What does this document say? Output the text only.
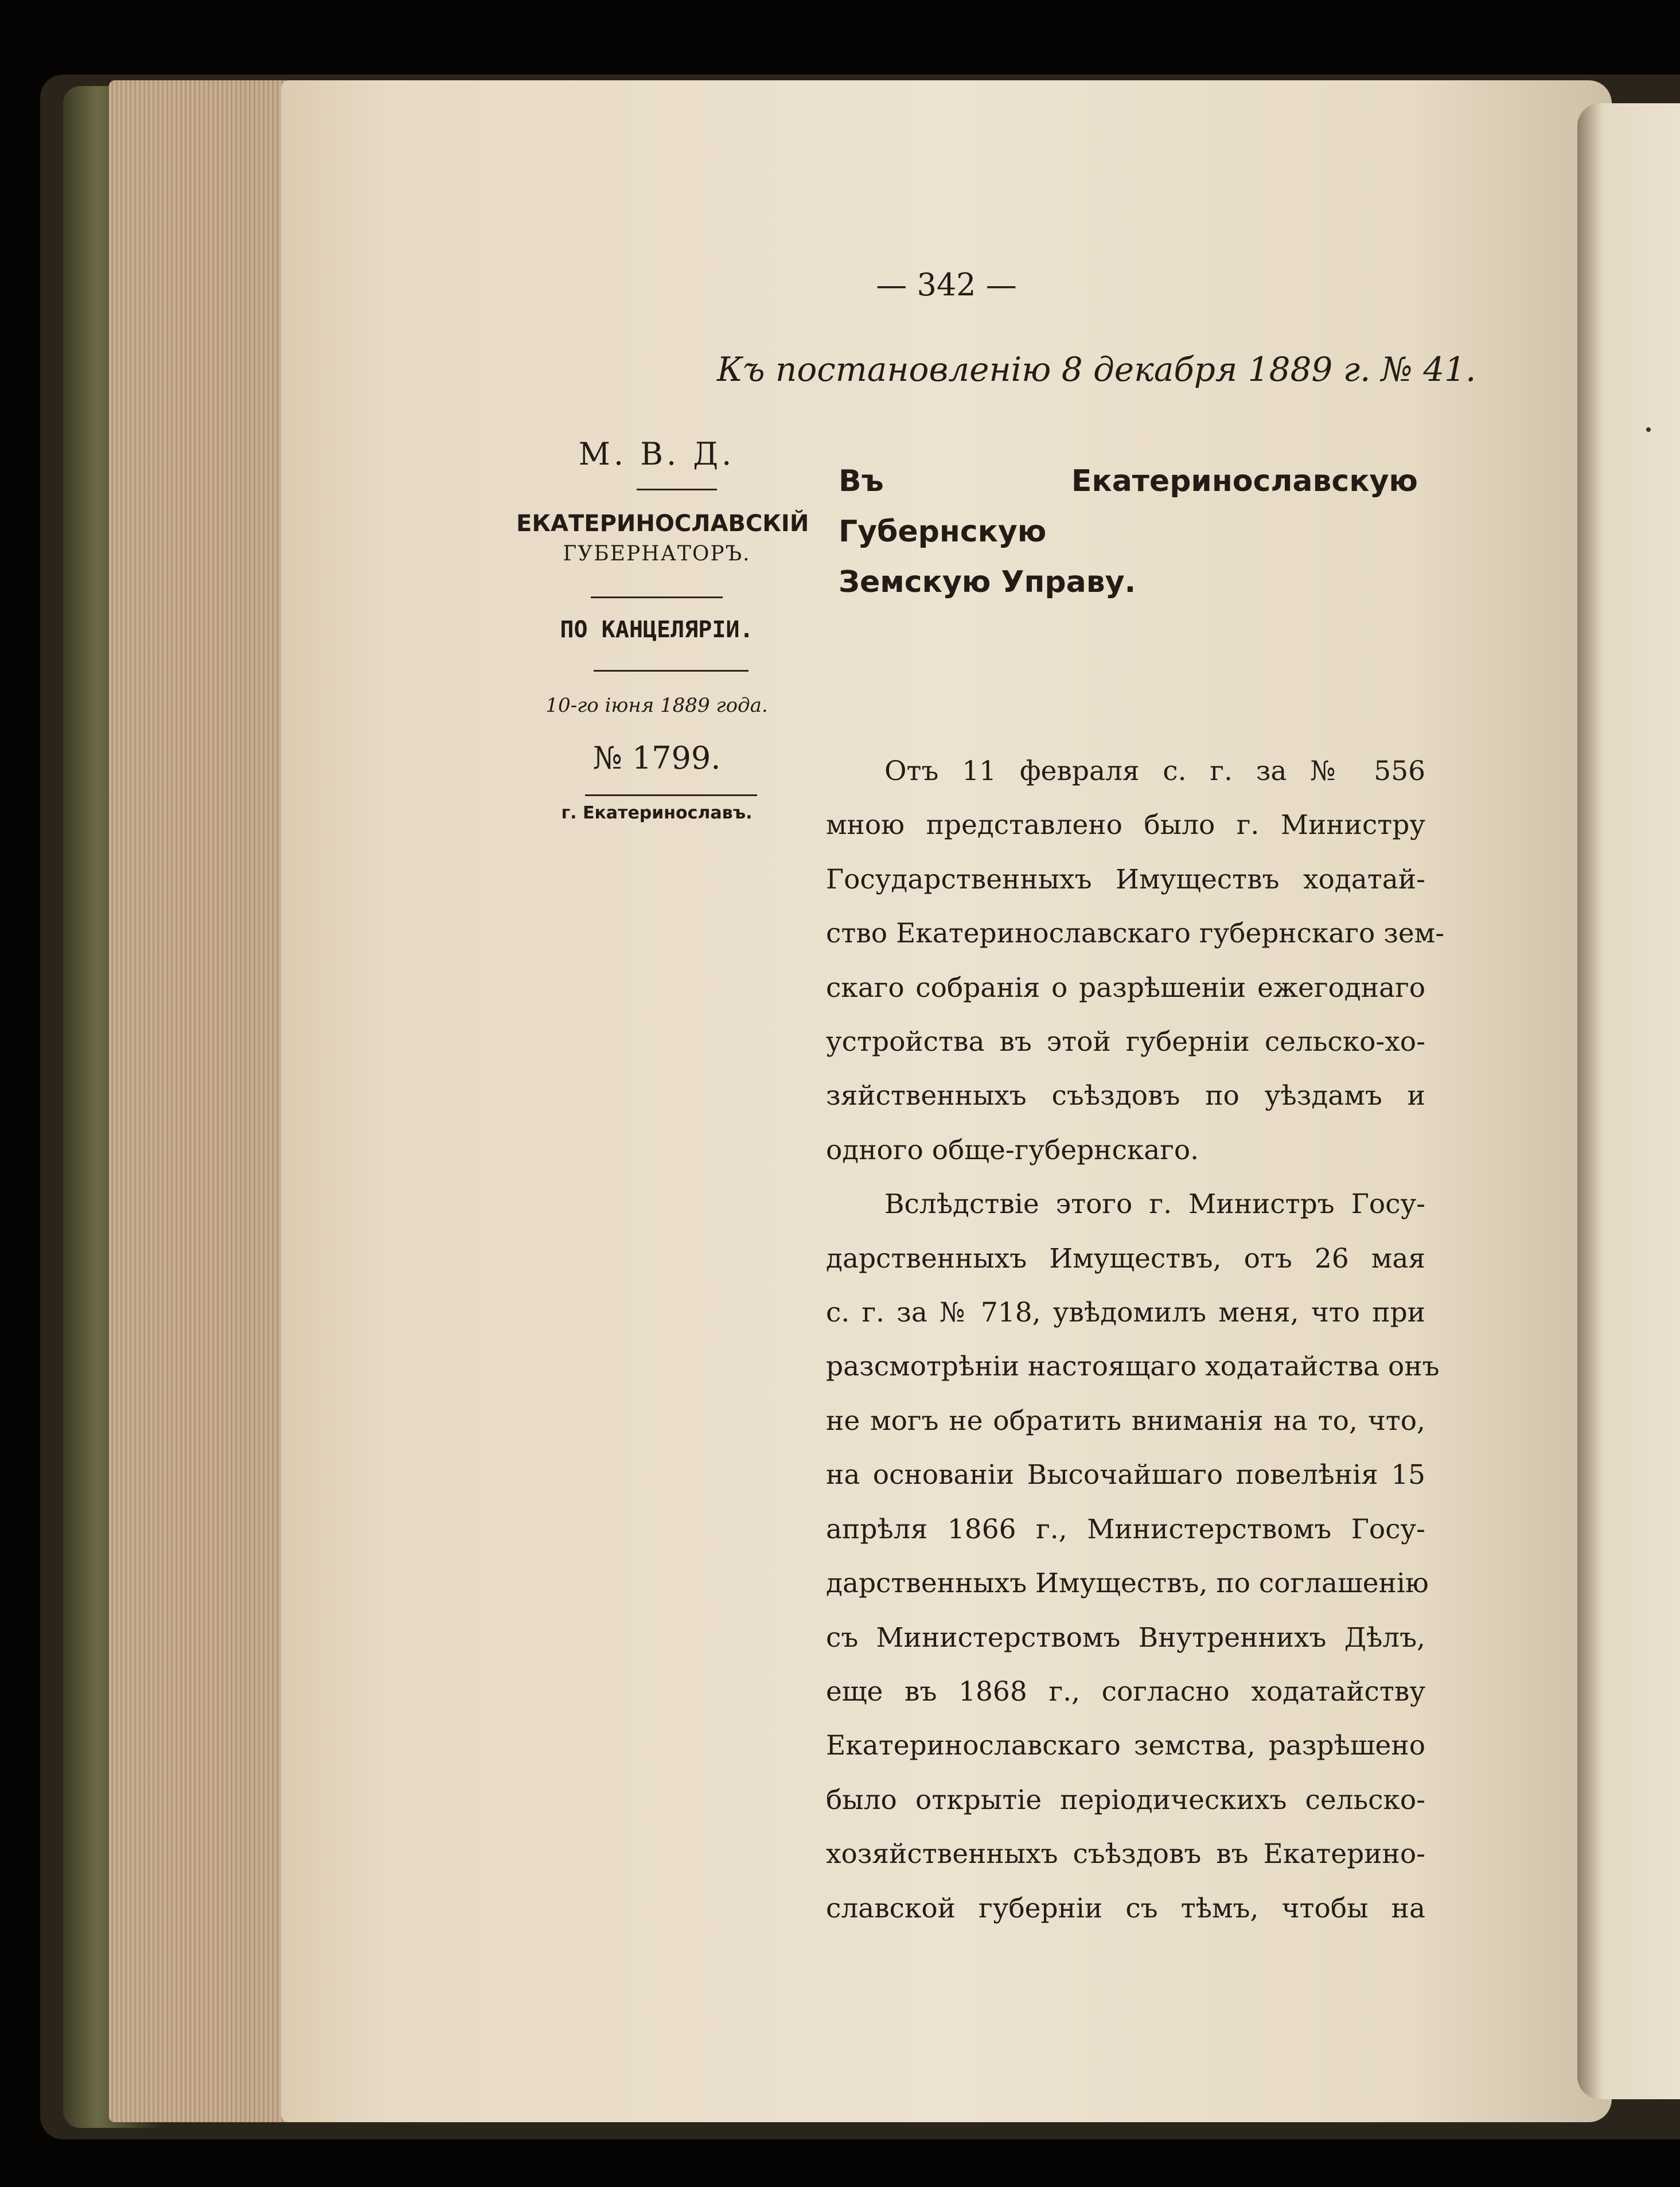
— 342 —
Къ постановленію 8 декабря 1889 г. № 41.
М. В. Д.
ЕКАТЕРИНОСЛАВСКІЙ
ГУБЕРНАТОРЪ.
ПО КАНЦЕЛЯРІИ.
10-го іюня 1889 года.
№ 1799.
г. Екатеринославъ.
Въ Екатеринославскую Губернскую
Земскую Управу.
Отъ 11 февраля с. г. за № 556
мною представлено было г. Министру
Государственныхъ Имуществъ ходатай-
ство Екатеринославскаго губернскаго зем-
скаго собранія о разрѣшеніи ежегоднаго
устройства въ этой губерніи сельско-хо-
зяйственныхъ съѣздовъ по уѣздамъ и
одного обще-губернскаго.
Вслѣдствіе этого г. Министръ Госу-
дарственныхъ Имуществъ, отъ 26 мая
с. г. за № 718, увѣдомилъ меня, что при
разсмотрѣніи настоящаго ходатайства онъ
не могъ не обратить вниманія на то, что,
на основаніи Высочайшаго повелѣнія 15
апрѣля 1866 г., Министерствомъ Госу-
дарственныхъ Имуществъ, по соглашенію
съ Министерствомъ Внутреннихъ Дѣлъ,
еще въ 1868 г., согласно ходатайству
Екатеринославскаго земства, разрѣшено
было открытіе періодическихъ сельско-
хозяйственныхъ съѣздовъ въ Екатерино-
славской губерніи съ тѣмъ, чтобы на
